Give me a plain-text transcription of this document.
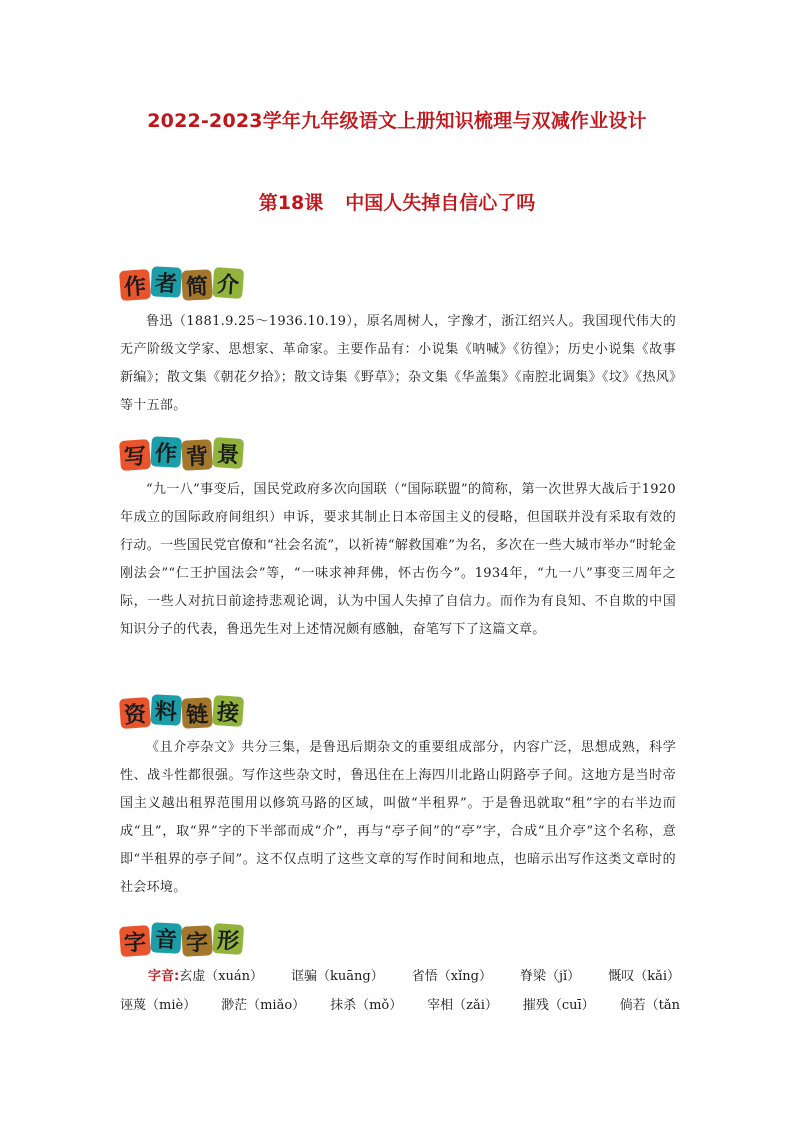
2022-2023学年九年级语文上册知识梳理与双减作业设计
第18课 中国人失掉自信心了吗
作 者 简 介

鲁迅（1881.9.25～1936.10.19），原名周树人，字豫才，浙江绍兴人。我国现代伟大的无产阶级文学家、思想家、革命家。主要作品有：小说集《呐喊》《彷徨》；历史小说集《故事新编》；散文集《朝花夕拾》；散文诗集《野草》；杂文集《华盖集》《南腔北调集》《坟》《热风》等十五部。

写 作 背 景

“九一八”事变后，国民党政府多次向国联（“国际联盟”的简称，第一次世界大战后于1920年成立的国际政府间组织）申诉，要求其制止日本帝国主义的侵略，但国联并没有采取有效的行动。一些国民党官僚和“社会名流”，以祈祷“解救国难”为名，多次在一些大城市举办“时轮金刚法会”“仁王护国法会”等，“一味求神拜佛，怀古伤今”。1934年，“九一八”事变三周年之际，一些人对抗日前途持悲观论调，认为中国人失掉了自信力。而作为有良知、不自欺的中国知识分子的代表，鲁迅先生对上述情况颇有感触，奋笔写下了这篇文章。

资 料 链 接

《且介亭杂文》共分三集，是鲁迅后期杂文的重要组成部分，内容广泛，思想成熟，科学性、战斗性都很强。写作这些杂文时，鲁迅住在上海四川北路山阴路亭子间。这地方是当时帝国主义越出租界范围用以修筑马路的区域，叫做“半租界”。于是鲁迅就取“租”字的右半边而成“且”，取“界”字的下半部而成“介”，再与“亭子间”的“亭”字，合成“且介亭”这个名称，意即“半租界的亭子间”。这不仅点明了这些文章的写作时间和地点，也暗示出写作这类文章时的社会环境。

字 音 字 形
字音:玄虚（xuán） 诓骗（kuāng） 省悟（xǐng） 脊梁（jǐ） 慨叹（kǎi）
诬蔑（miè） 渺茫（miǎo） 抹杀（mǒ） 宰相（zǎi） 摧残（cuī） 倘若（tǎn
